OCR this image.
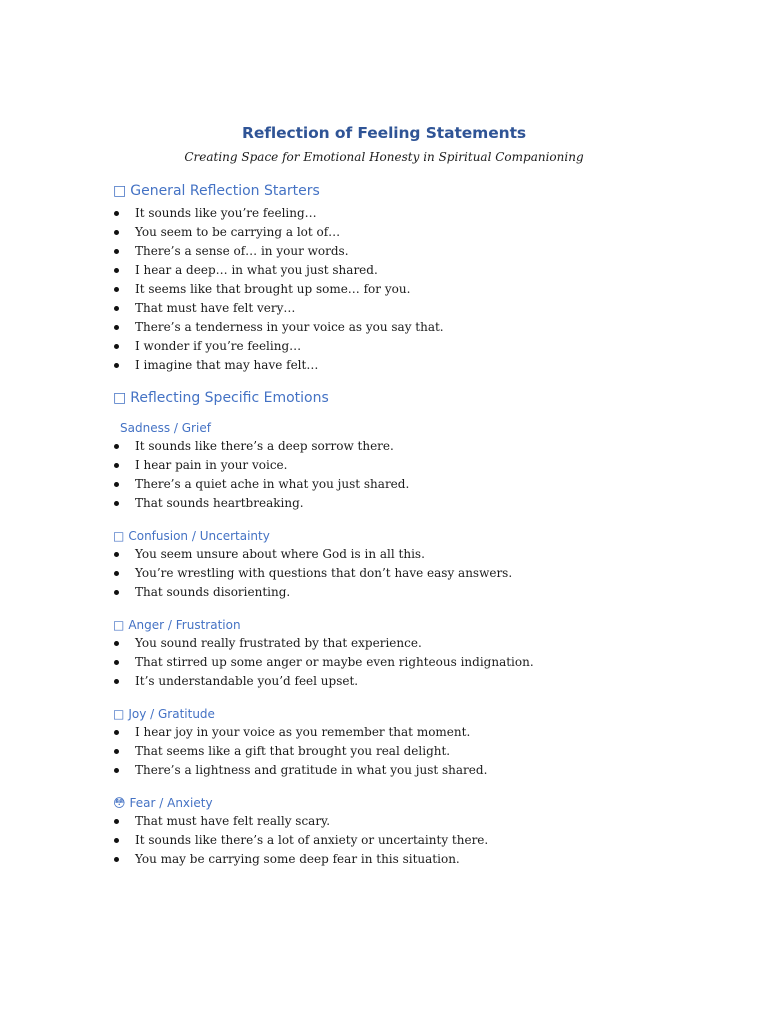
Reflection of Feeling Statements
Creating Space for Emotional Honesty in Spiritual Companioning
□ General Reflection Starters
It sounds like you’re feeling…
You seem to be carrying a lot of…
There’s a sense of… in your words.
I hear a deep… in what you just shared.
It seems like that brought up some… for you.
That must have felt very…
There’s a tenderness in your voice as you say that.
I wonder if you’re feeling…
I imagine that may have felt…
□ Reflecting Specific Emotions
Sadness / Grief
It sounds like there’s a deep sorrow there.
I hear pain in your voice.
There’s a quiet ache in what you just shared.
That sounds heartbreaking.
□ Confusion / Uncertainty
You seem unsure about where God is in all this.
You’re wrestling with questions that don’t have easy answers.
That sounds disorienting.
□ Anger / Frustration
You sound really frustrated by that experience.
That stirred up some anger or maybe even righteous indignation.
It’s understandable you’d feel upset.
□ Joy / Gratitude
I hear joy in your voice as you remember that moment.
That seems like a gift that brought you real delight.
There’s a lightness and gratitude in what you just shared.
😳 Fear / Anxiety
That must have felt really scary.
It sounds like there’s a lot of anxiety or uncertainty there.
You may be carrying some deep fear in this situation.
